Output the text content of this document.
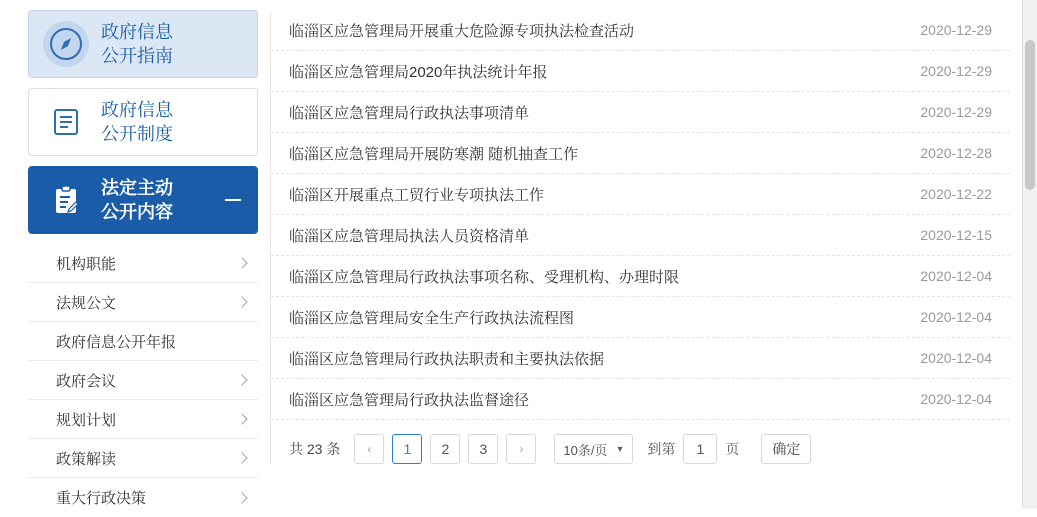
政府信息
公开指南
政府信息
公开制度
法定主动
公开内容
机构职能
法规公文
政府信息公开年报
政府会议
规划计划
政策解读
重大行政决策
临淄区应急管理局开展重大危险源专项执法检查活动	2020-12-29
临淄区应急管理局2020年执法统计年报	2020-12-29
临淄区应急管理局行政执法事项清单	2020-12-29
临淄区应急管理局开展防寒潮 随机抽查工作	2020-12-28
临淄区开展重点工贸行业专项执法工作	2020-12-22
临淄区应急管理局执法人员资格清单	2020-12-15
临淄区应急管理局行政执法事项名称、受理机构、办理时限	2020-12-04
临淄区应急管理局安全生产行政执法流程图	2020-12-04
临淄区应急管理局行政执法职责和主要执法依据	2020-12-04
临淄区应急管理局行政执法监督途径	2020-12-04
共 23 条	‹	1	2	3	›	10条/页 ▼ 到第
1	页	确定
